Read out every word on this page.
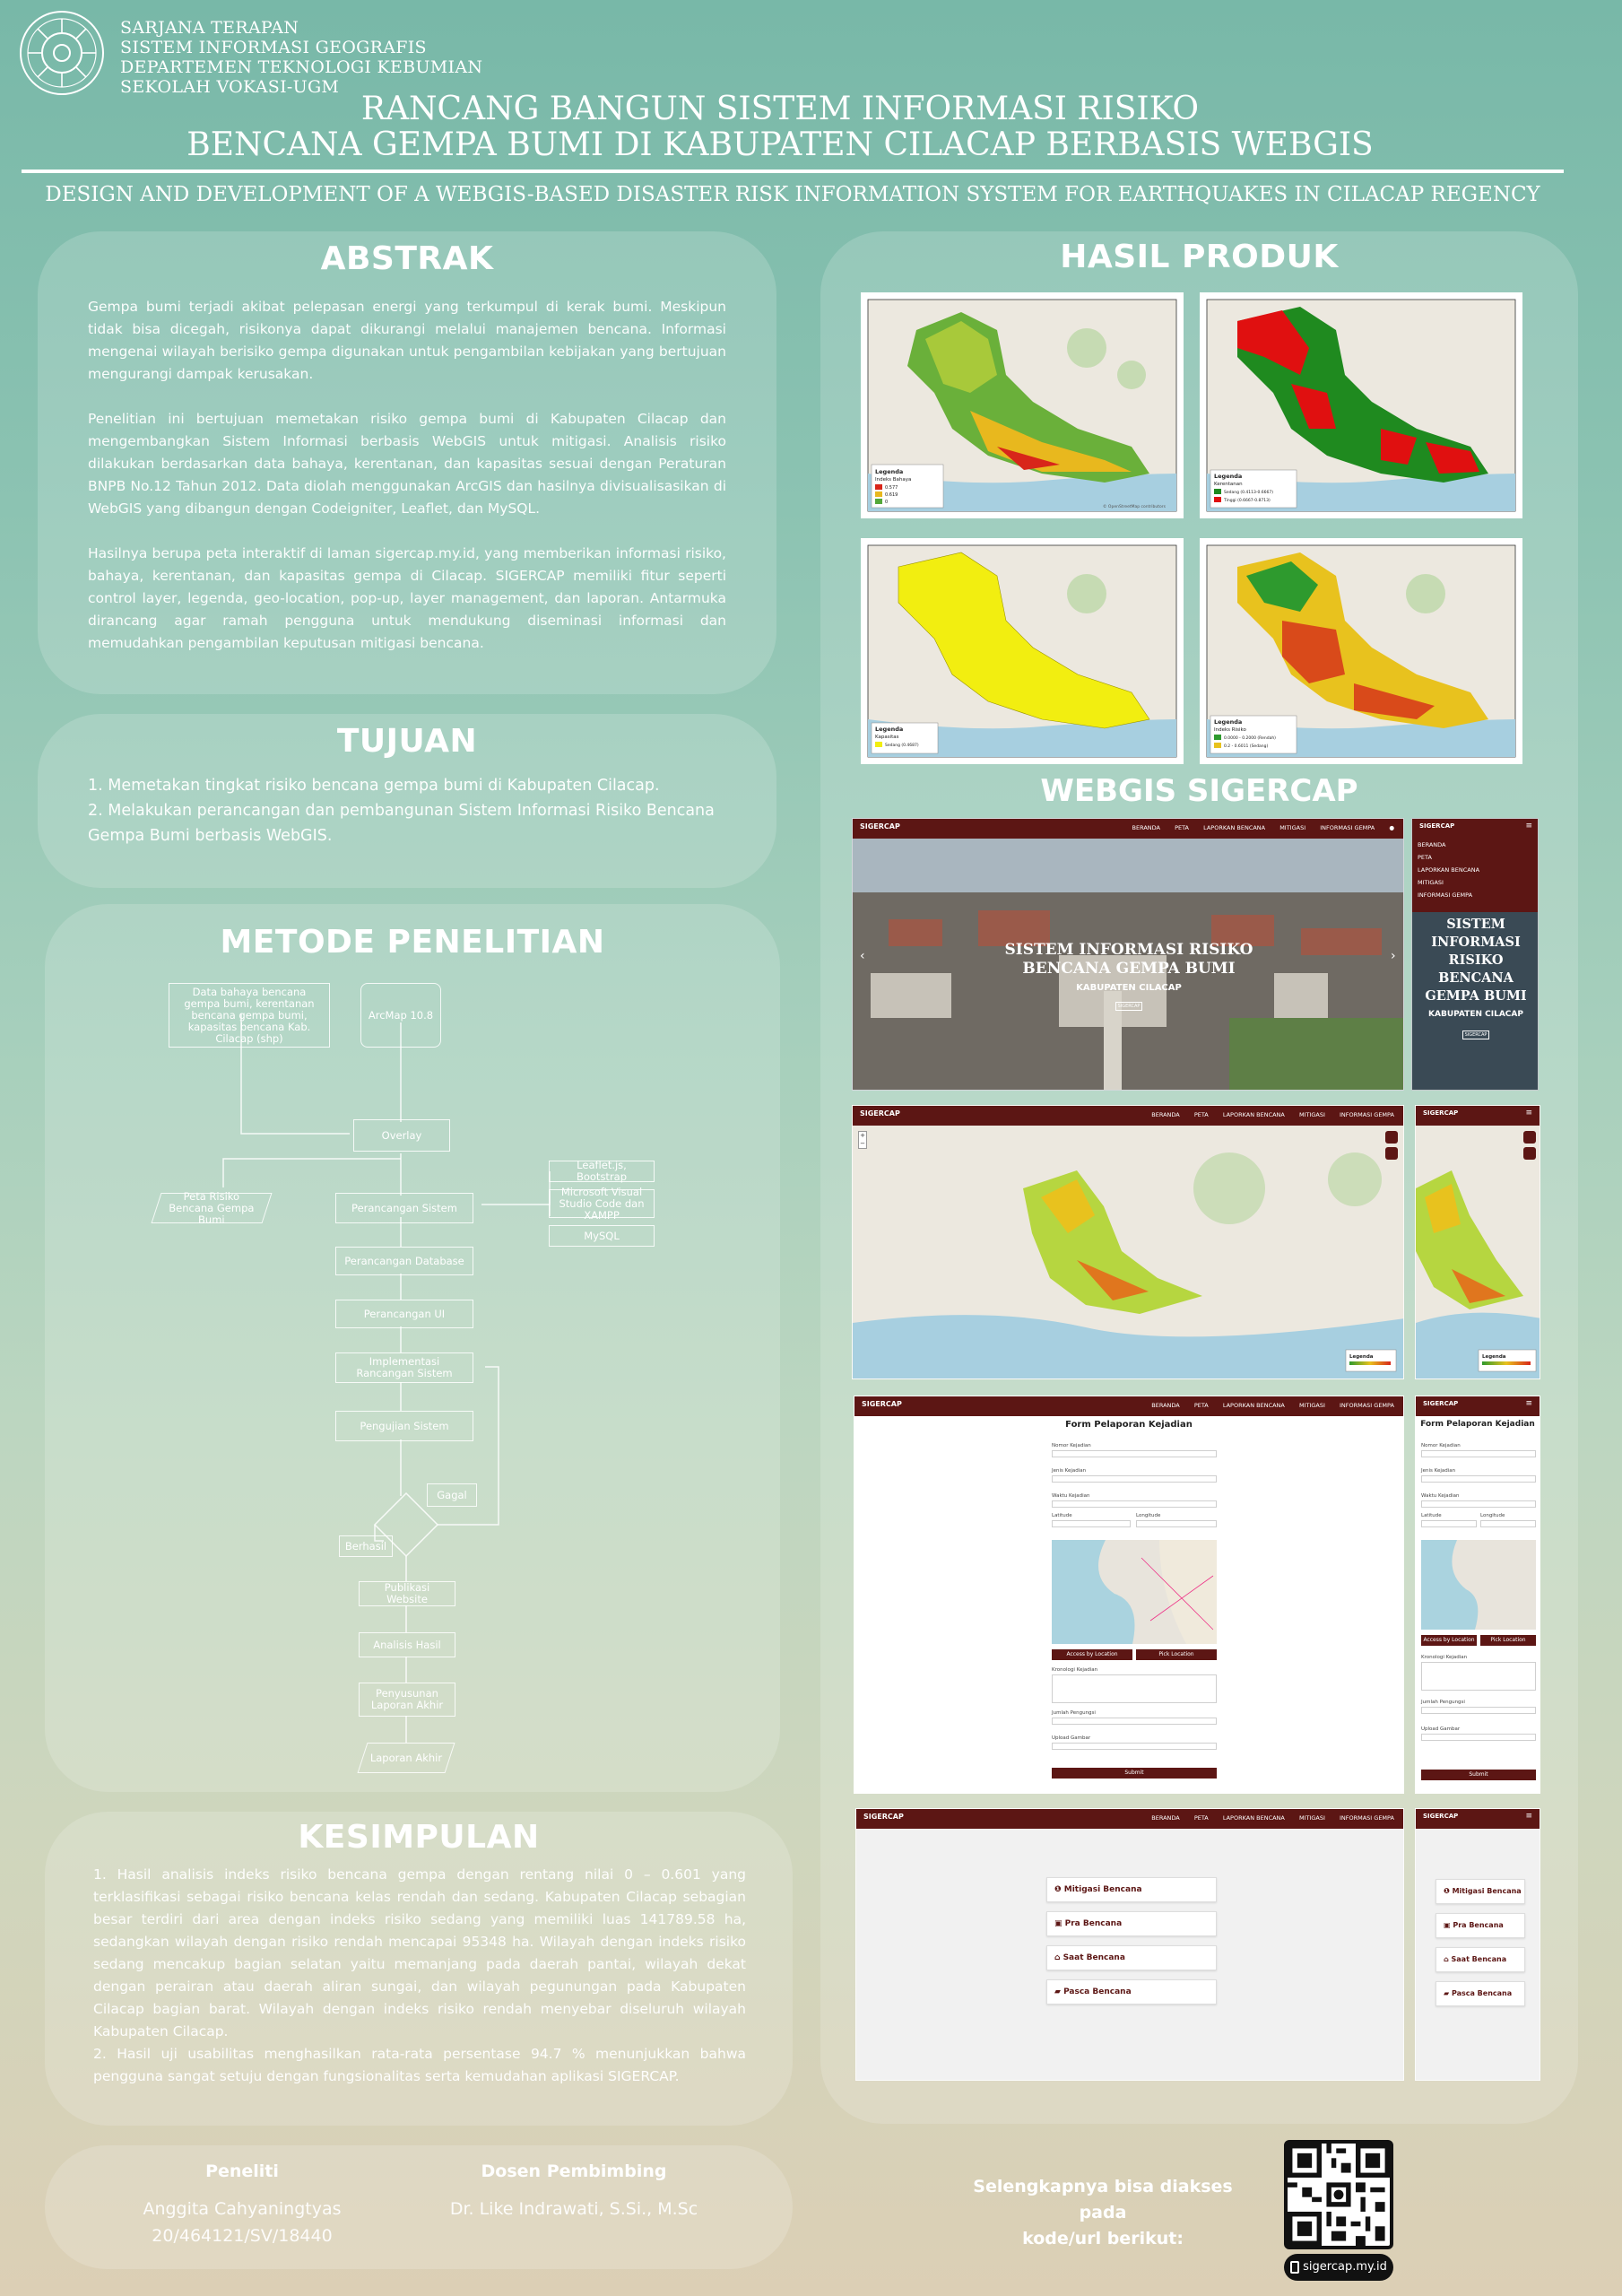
SARJANA TERAPAN
SISTEM INFORMASI GEOGRAFIS
DEPARTEMEN TEKNOLOGI KEBUMIAN
SEKOLAH VOKASI-UGM
RANCANG BANGUN SISTEM INFORMASI RISIKO
BENCANA GEMPA BUMI DI KABUPATEN CILACAP BERBASIS WEBGIS
DESIGN AND DEVELOPMENT OF A WEBGIS-BASED DISASTER RISK INFORMATION SYSTEM FOR EARTHQUAKES IN CILACAP REGENCY
ABSTRAK

Gempa bumi terjadi akibat pelepasan energi yang terkumpul di kerak bumi. Meskipun tidak bisa dicegah, risikonya dapat dikurangi melalui manajemen bencana. Informasi mengenai wilayah berisiko gempa digunakan untuk pengambilan kebijakan yang bertujuan mengurangi dampak kerusakan.

Penelitian ini bertujuan memetakan risiko gempa bumi di Kabupaten Cilacap dan mengembangkan Sistem Informasi berbasis WebGIS untuk mitigasi. Analisis risiko dilakukan berdasarkan data bahaya, kerentanan, dan kapasitas sesuai dengan Peraturan BNPB No.12 Tahun 2012. Data diolah menggunakan ArcGIS dan hasilnya divisualisasikan di WebGIS yang dibangun dengan Codeigniter, Leaflet, dan MySQL.

Hasilnya berupa peta interaktif di laman sigercap.my.id, yang memberikan informasi risiko, bahaya, kerentanan, dan kapasitas gempa di Cilacap. SIGERCAP memiliki fitur seperti control layer, legenda, geo-location, pop-up, layer management, dan laporan. Antarmuka dirancang agar ramah pengguna untuk mendukung diseminasi informasi dan memudahkan pengambilan keputusan mitigasi bencana.

TUJUAN
1. Memetakan tingkat risiko bencana gempa bumi di Kabupaten Cilacap.
2. Melakukan perancangan dan pembangunan Sistem Informasi Risiko Bencana Gempa Bumi berbasis WebGIS.
METODE PENELITIAN
Data bahaya bencana gempa bumi, kerentanan bencana gempa bumi, kapasitas bencana Kab. Cilacap (shp)
ArcMap 10.8
Overlay
Peta Risiko Bencana Gempa Bumi
Perancangan Sistem
Leaflet.js, Bootstrap
Microsoft Visual Studio Code dan XAMPP
MySQL
Perancangan Database
Perancangan UI
Implementasi Rancangan Sistem
Pengujian Sistem
Gagal
Berhasil
Publikasi Website
Analisis Hasil
Penyusunan Laporan Akhir
Laporan Akhir
KESIMPULAN
1. Hasil analisis indeks risiko bencana gempa dengan rentang nilai 0 – 0.601 yang terklasifikasi sebagai risiko bencana kelas rendah dan sedang. Kabupaten Cilacap sebagian besar terdiri dari area dengan indeks risiko sedang yang memiliki luas 141789.58 ha, sedangkan wilayah dengan risiko rendah mencapai 95348 ha. Wilayah dengan indeks risiko sedang mencakup bagian selatan yaitu memanjang pada daerah pantai, wilayah dekat dengan perairan atau daerah aliran sungai, dan wilayah pegunungan pada Kabupaten Cilacap bagian barat. Wilayah dengan indeks risiko rendah menyebar diseluruh wilayah Kabupaten Cilacap.
2. Hasil uji usabilitas menghasilkan rata-rata persentase 94.7 % menunjukkan bahwa pengguna sangat setuju dengan fungsionalitas serta kemudahan aplikasi SIGERCAP.
Peneliti
Anggita Cahyaningtyas
20/464121/SV/18440
Dosen Pembimbing
Dr. Like Indrawati, S.Si., M.Sc
Selengkapnya bisa diakses pada
kode/url berikut:
sigercap.my.id
HASIL PRODUK
Legenda
Indeks Bahaya
0.577
0.619
0
© OpenStreetMap contributors
Legenda
Kerentanan
Sedang (0.4113-0.6667)
Tinggi (0.6667-0.8713)
Legenda
Kapasitas
Sedang (0.4687)
Legenda
Indeks Risiko
0.0000 - 0.2000 (Rendah)
0.2 - 0.6011 (Sedang)
WEBGIS SIGERCAP
SIGERCAP	BERANDA PETA LAPORKAN BENCANA MITIGASI INFORMASI GEMPA ●
SISTEM INFORMASI RISIKO
BENCANA GEMPA BUMI
KABUPATEN CILACAP
SIGERCAP
‹	›
SIGERCAP	≡
BERANDA
PETA
LAPORKAN BENCANA
MITIGASI
INFORMASI GEMPA
SISTEM
INFORMASI
RISIKO
BENCANA
GEMPA BUMI
KABUPATEN CILACAP
SIGERCAP
Legenda
SIGERCAP	BERANDA PETA LAPORKAN BENCANA MITIGASI INFORMASI GEMPA
+
−
Legenda
SIGERCAP	≡
SIGERCAP	BERANDA PETA LAPORKAN BENCANA MITIGASI INFORMASI GEMPA
Form Pelaporan Kejadian
Nomor Kejadian
Jenis Kejadian
Waktu Kejadian
Latitude	Longitude
Access by Location	Pick Location
Kronologi Kejadian
Jumlah Pengungsi
Upload Gambar
Submit
SIGERCAP	≡
Form Pelaporan Kejadian
Nomor Kejadian
Jenis Kejadian
Waktu Kejadian
Latitude	Longitude
Access by Location	Pick Location
Kronologi Kejadian
Jumlah Pengungsi
Upload Gambar
Submit
SIGERCAP	BERANDA PETA LAPORKAN BENCANA MITIGASI INFORMASI GEMPA
❶ Mitigasi Bencana
▣ Pra Bencana
⌂ Saat Bencana
▰ Pasca Bencana
SIGERCAP	≡
❶ Mitigasi Bencana
▣ Pra Bencana
⌂ Saat Bencana
▰ Pasca Bencana
